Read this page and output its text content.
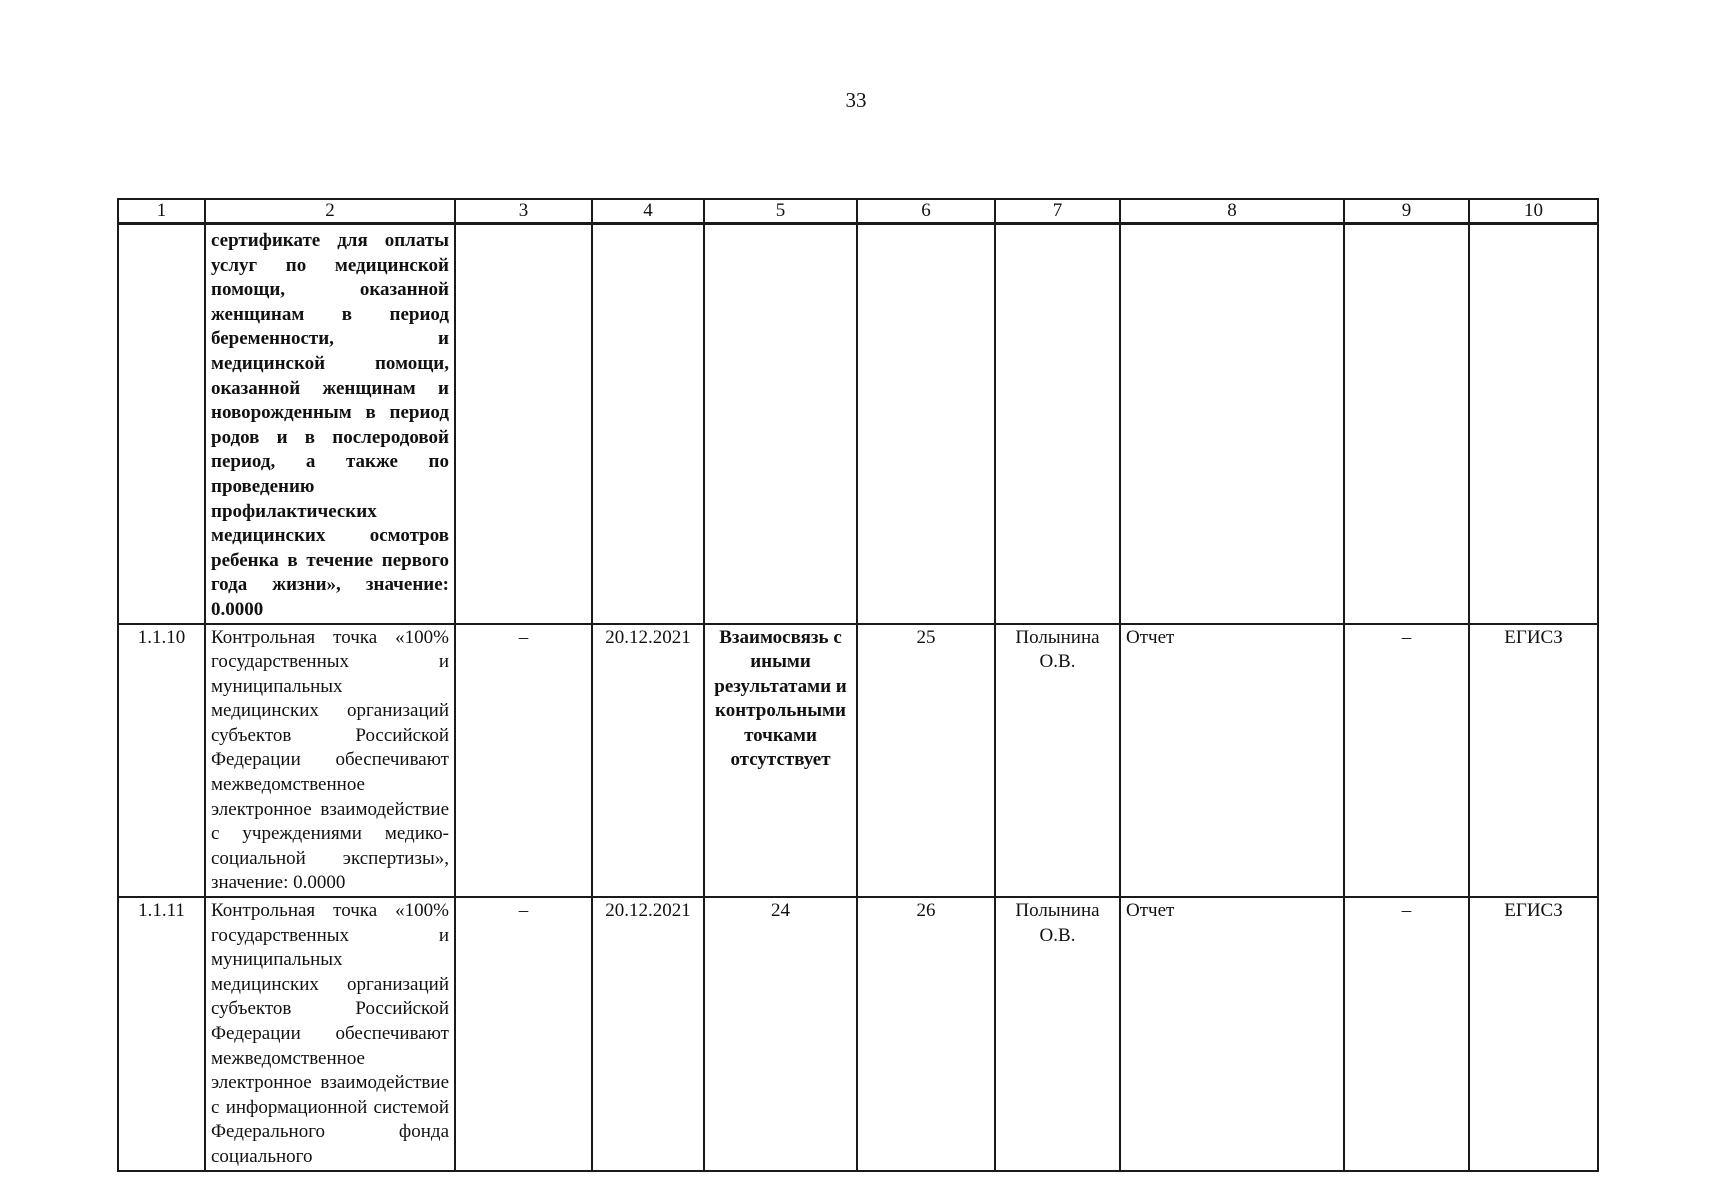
33
1	2	3	4	5	6	7	8	9	10
	сертификате для оплаты услуг по медицинской помощи, оказанной женщинам в период беременности, и медицинской помощи, оказанной женщинам и новорожденным в период родов и в послеродовой период, а также по проведению профилактических медицинских осмотров ребенка в течение первого года жизни», значение: 0.0000								
1.1.10	Контрольная точка «100% государственных и муниципальных медицинских организаций субъектов Российской Федерации обеспечивают межведомственное электронное взаимодействие с учреждениями медико-социальной экспертизы», значение: 0.0000	–	20.12.2021	Взаимосвязь с иными результатами и контрольными точками отсутствует	25	Полынина О.В.	Отчет	–	ЕГИСЗ
1.1.11	Контрольная точка «100% государственных и муниципальных медицинских организаций субъектов Российской Федерации обеспечивают межведомственное электронное взаимодействие с информационной системой Федерального фонда социального	–	20.12.2021	24	26	Полынина О.В.	Отчет	–	ЕГИСЗ
